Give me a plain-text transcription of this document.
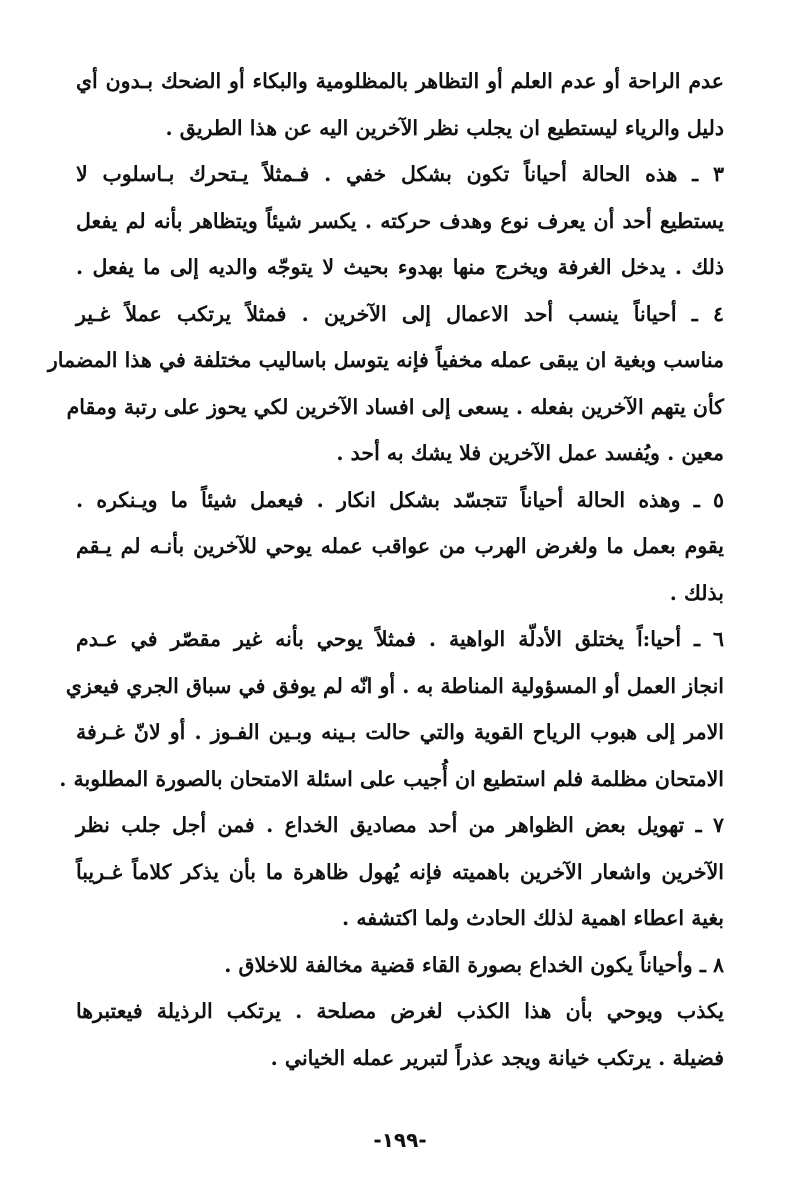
عدم الراحة أو عدم العلم أو التظاهر بالمظلومية والبكاء أو الضحك بـدون أي
دليل والرياء ليستطيع ان يجلب نظر الآخرين اليه عن هذا الطريق .
٣ ـ هذه الحالة أحياناً تكون بشكل خفي . فـمثلاً يـتحرك بـاسلوب لا
يستطيع أحد أن يعرف نوع وهدف حركته . يكسر شيئاً ويتظاهر بأنه لم يفعل
ذلك . يدخل الغرفة ويخرج منها بهدوء بحيث لا يتوجّه والديه إلى ما يفعل .
٤ ـ أحياناً ينسب أحد الاعمال إلى الآخرين . فمثلاً يرتكب عملاً غـير
مناسب وبغية ان يبقى عمله مخفياً فإنه يتوسل باساليب مختلفة في هذا المضمار
كأن يتهم الآخرين بفعله . يسعى إلى افساد الآخرين لكي يحوز على رتبة ومقام
معين . ويُفسد عمل الآخرين فلا يشك به أحد .
٥ ـ وهذه الحالة أحياناً تتجسّد بشكل انكار . فيعمل شيئاً ما ويـنكره .
يقوم بعمل ما ولغرض الهرب من عواقب عمله يوحي للآخرين بأنـه لم يـقم
بذلك .
٦ ـ أحيا:اً يختلق الأدلّة الواهية . فمثلاً يوحي بأنه غير مقصّر في عـدم
انجاز العمل أو المسؤولية المناطة به . أو انّه لم يوفق في سباق الجري فيعزي
الامر إلى هبوب الرياح القوية والتي حالت بـينه وبـين الفـوز . أو لانّ غـرفة
الامتحان مظلمة فلم استطيع ان أُجيب على اسئلة الامتحان بالصورة المطلوبة .
٧ ـ تهويل بعض الظواهر من أحد مصاديق الخداع . فمن أجل جلب نظر
الآخرين واشعار الآخرين باهميته فإنه يُهول ظاهرة ما بأن يذكر كلاماً غـريباً
بغية اعطاء اهمية لذلك الحادث ولما اكتشفه .
٨ ـ وأحياناً يكون الخداع بصورة القاء قضية مخالفة للاخلاق .
يكذب ويوحي بأن هذا الكذب لغرض مصلحة . يرتكب الرذيلة فيعتبرها
فضيلة . يرتكب خيانة ويجد عذراً لتبرير عمله الخياني .
-١٩٩-
